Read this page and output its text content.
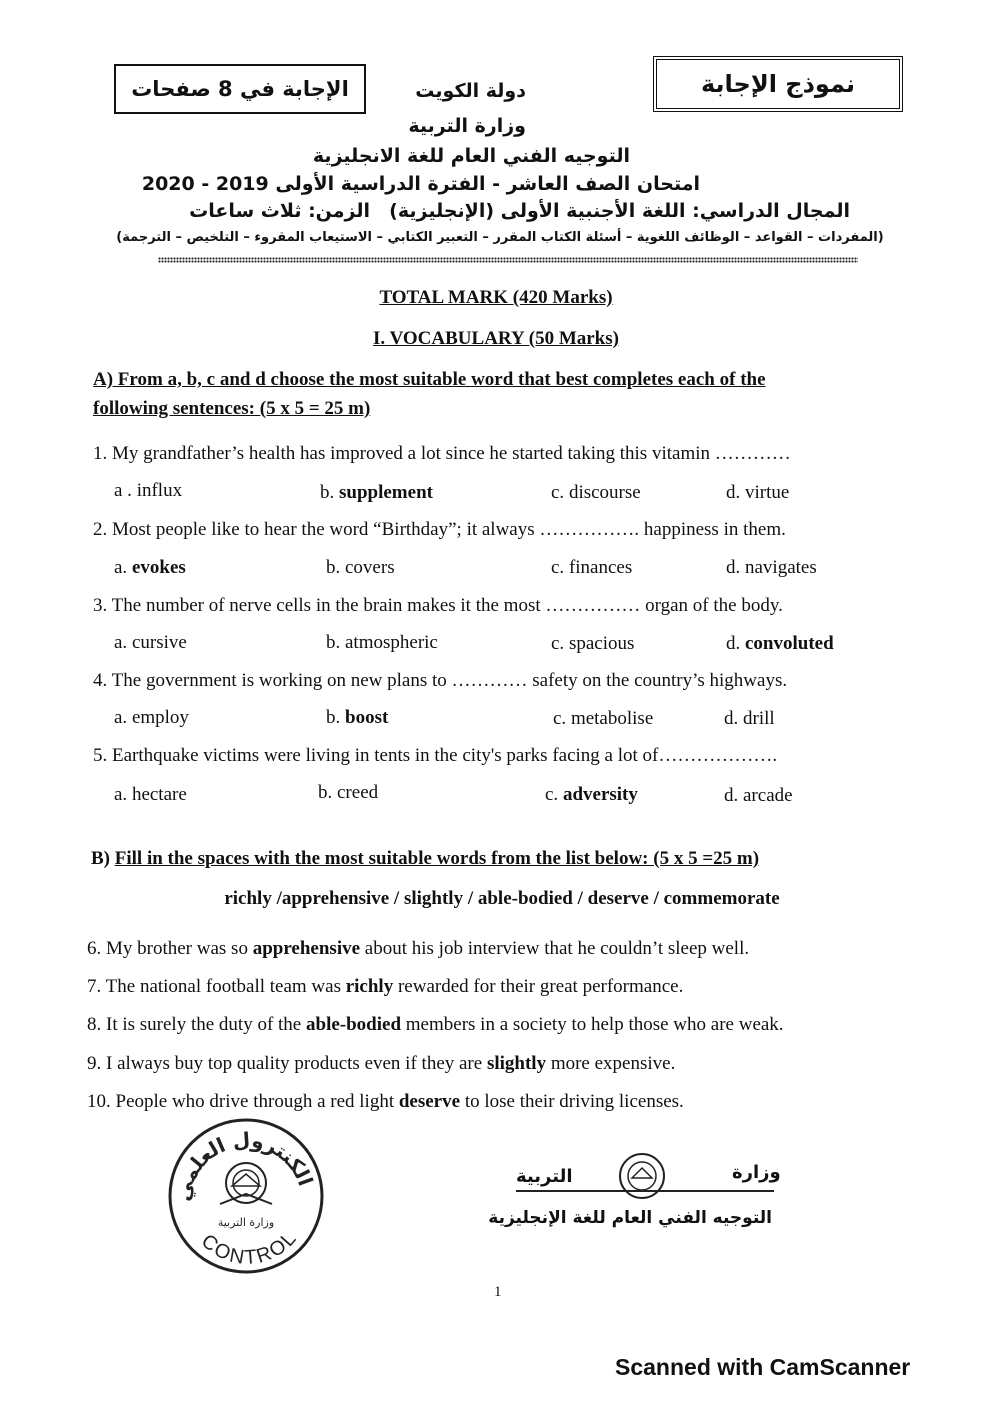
الإجابة في 8 صفحات	نموذج الإجابة
دولة الكويت
وزارة التربية
التوجيه الفني العام للغة الانجليزية
امتحان الصف العاشر - الفترة الدراسية الأولى 2019 - 2020
المجال الدراسي: اللغة الأجنبية الأولى (الإنجليزية)
الزمن: ثلاث ساعات
(المفردات – القواعد – الوظائف اللغوية – أسئلة الكتاب المقرر – التعبير الكتابي – الاستيعاب المقروء – التلخيص – الترجمة)
TOTAL MARK (420 Marks)
I. VOCABULARY (50 Marks)
A) From a, b, c and d choose the most suitable word that best completes each of the
following sentences: (5 x 5 = 25 m)
1. My grandfather’s health has improved a lot since he started taking this vitamin …………
a . influx	b. supplement	c. discourse	d. virtue
2. Most people like to hear the word “Birthday”; it always ……………. happiness in them.
a. evokes	b. covers	c. finances	d. navigates
3. The number of nerve cells in the brain makes it the most …………… organ of the body.
a. cursive	b. atmospheric	c. spacious	d. convoluted
4. The government is working on new plans to ………… safety on the country’s highways.
a. employ	b. boost	c. metabolise	d. drill
5. Earthquake victims were living in tents in the city's parks facing a lot of……………….
a. hectare	b. creed	c. adversity	d. arcade
B) Fill in the spaces with the most suitable words from the list below: (5 x 5 =25 m)
richly /apprehensive / slightly / able-bodied / deserve / commemorate
6. My brother was so apprehensive about his job interview that he couldn’t sleep well.
7. The national football team was richly rewarded for their great performance.
8. It is surely the duty of the able-bodied members in a society to help those who are weak.
9. I always buy top quality products even if they are slightly more expensive.
10. People who drive through a red light deserve to lose their driving licenses.
الكنترول العلمي
CONTROL
وزارة التربية
وزارة
التربية
التوجيه الفني العام للغة الإنجليزية
1
Scanned with CamScanner
